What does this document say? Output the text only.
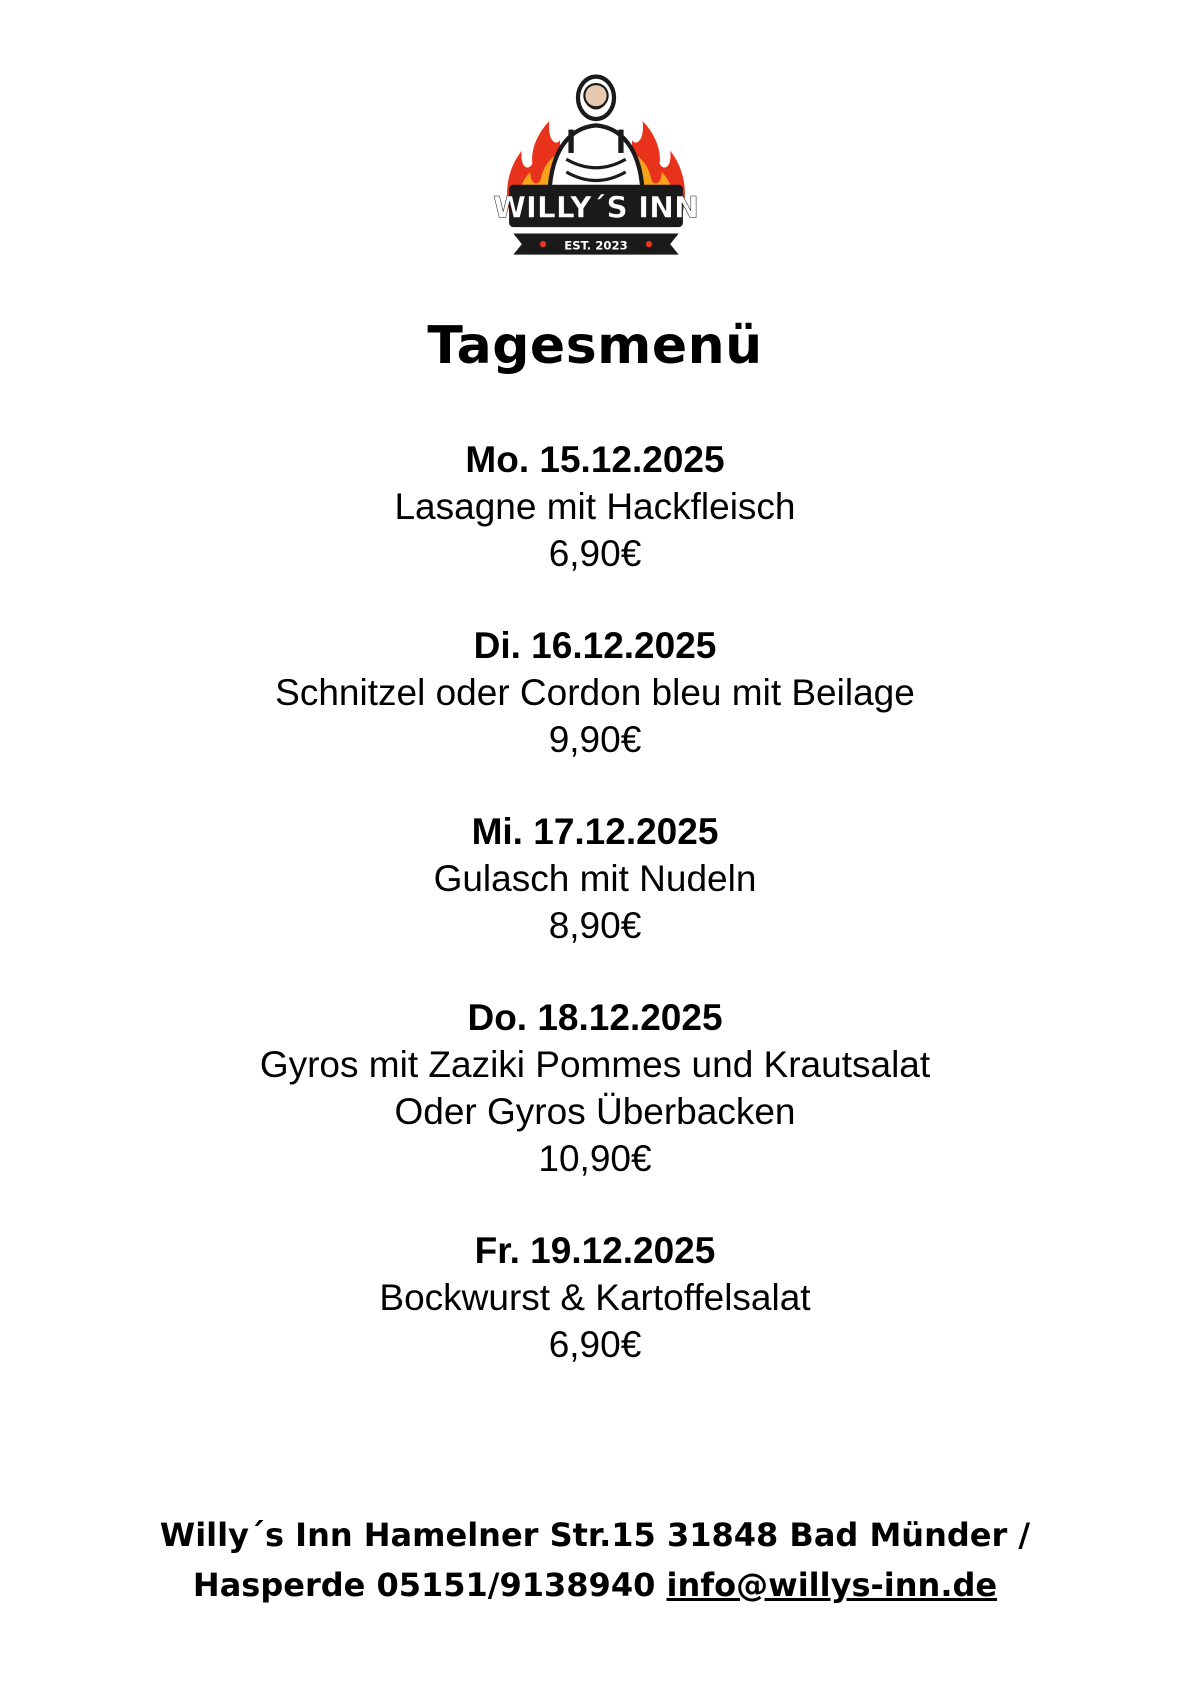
WILLY´S INN
EST. 2023
Tagesmenü
Mo. 15.12.2025
Lasagne mit Hackfleisch
6,90€
Di. 16.12.2025
Schnitzel oder Cordon bleu mit Beilage
9,90€
Mi. 17.12.2025
Gulasch mit Nudeln
8,90€
Do. 18.12.2025
Gyros mit Zaziki Pommes und Krautsalat
Oder Gyros Überbacken
10,90€
Fr. 19.12.2025
Bockwurst & Kartoffelsalat
6,90€
Willy´s Inn Hamelner Str.15 31848 Bad Münder /
Hasperde 05151/9138940 info@willys-inn.de
